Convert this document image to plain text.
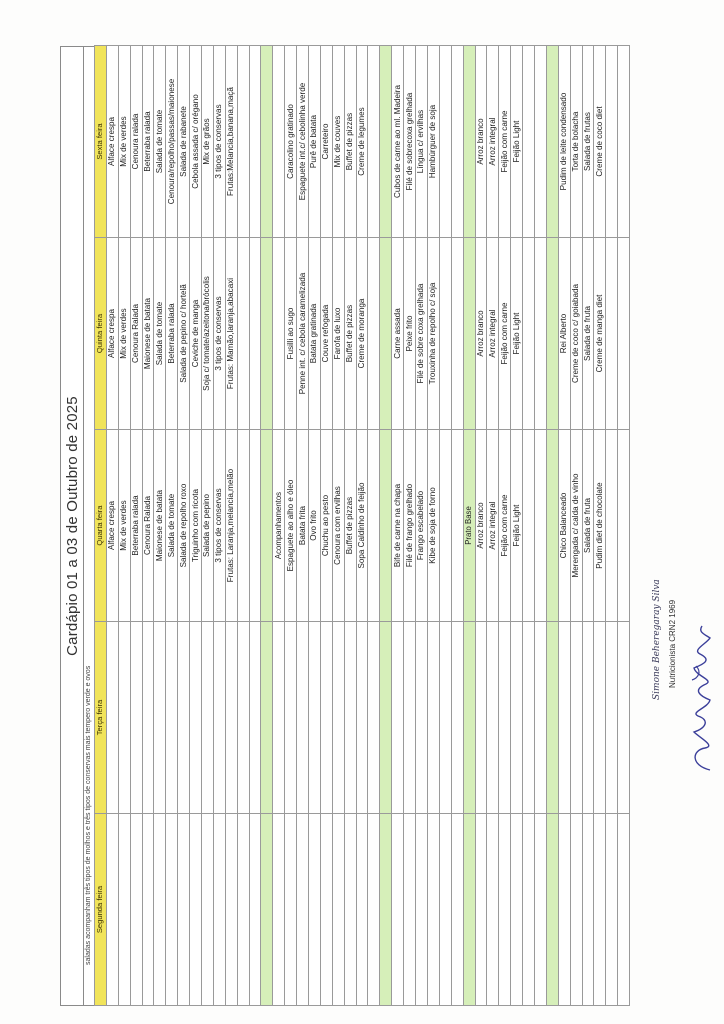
Cardápio 01 a 03 de Outubro de 2025
saladas acompanham três tipos de molhos e três tipos de conservas mais tempero verde e ovos Segunda feira	Terça feira	Quarta feira	Quinta feira	Sexta feira
		Alface crespa	Alface crespa	Alface crespa
		Mix de verdes	Mix de verdes	Mix de verdes
		Beterraba ralada	Cenoura Ralada	Cenoura ralada
		Cenoura Ralada	Maionese de batata	Beterraba ralada
		Maionese de batata	Salada de tomate	Salada de tomate
		Salada de tomate	Beterraba ralada	Cenoura/repolho/passas/maionese
		Salada de repolho roxo	Salada de pepino c/ hortelã	Salada de rabanete
		Triguinho com ricota	Ceviche de manga	Cebola assada c/ orégano
		Salada de pepino	Soja c/ tomate/azeitona/brócolis	Mix de grãos
		3 tipos de conservas	3 tipos de conservas	3 tipos de conservas
		Frutas: Laranja,melancia,melão	Frutas: Mamão,laranja,abacaxi	Frutas:Melancia,banana,maçã

		Acompanhamentos		
		Espaguete ao alho e óleo	Fusilli ao sugo	Caracolino gratinado
		Batata frita	Penne int. c/ cebola caramelizada	Espaguete int.c/ cebolinha verde
		Ovo frito	Batata gratinada	Purê de batata
		Chuchu ao pesto	Couve refogada	Carreteiro
		Cenoura com ervilhas	Farofa de luxo	Mix de couves
		Buffet de pizzas	Buffet de pizzas	Buffet de pizzas
		Sopa Caldinho de feijão	Creme de moranga	Creme de legumes

		Bife de carne na chapa	Carne assada	Cubos de carne ao ml. Madeira
		Filé de frango grelhado	Peixe frito	Filé de sobrecoxa grelhada
		Frango escabelado	Filé de sobre coxa grelhada	Língua c/ ervilhas
		Kibe de soja de forno	Trouxinha de repolho c/ soja	Hambúrguer de soja

		Prato Base		
		Arroz branco	Arroz branco	Arroz branco
		Arroz integral	Arroz integral	Arroz integral
		Feijão com carne	Feijão com carne	Feijão com carne
		Feijão Light	Feijão Light	Feijão Light

		Chico Balanceado	Rei Alberto	Pudim de leite condensado
		Merengada c/ calda de vinho	Creme de coco c/ goiabada	Torta de bolacha
		Salada de fruta	Salada de fruta	Salada de frutas
		Pudim diet de chocolate	Creme de manga diet	Creme de coco diet

Simone Beheregaray Silva Nutricionista CRN2 1969
